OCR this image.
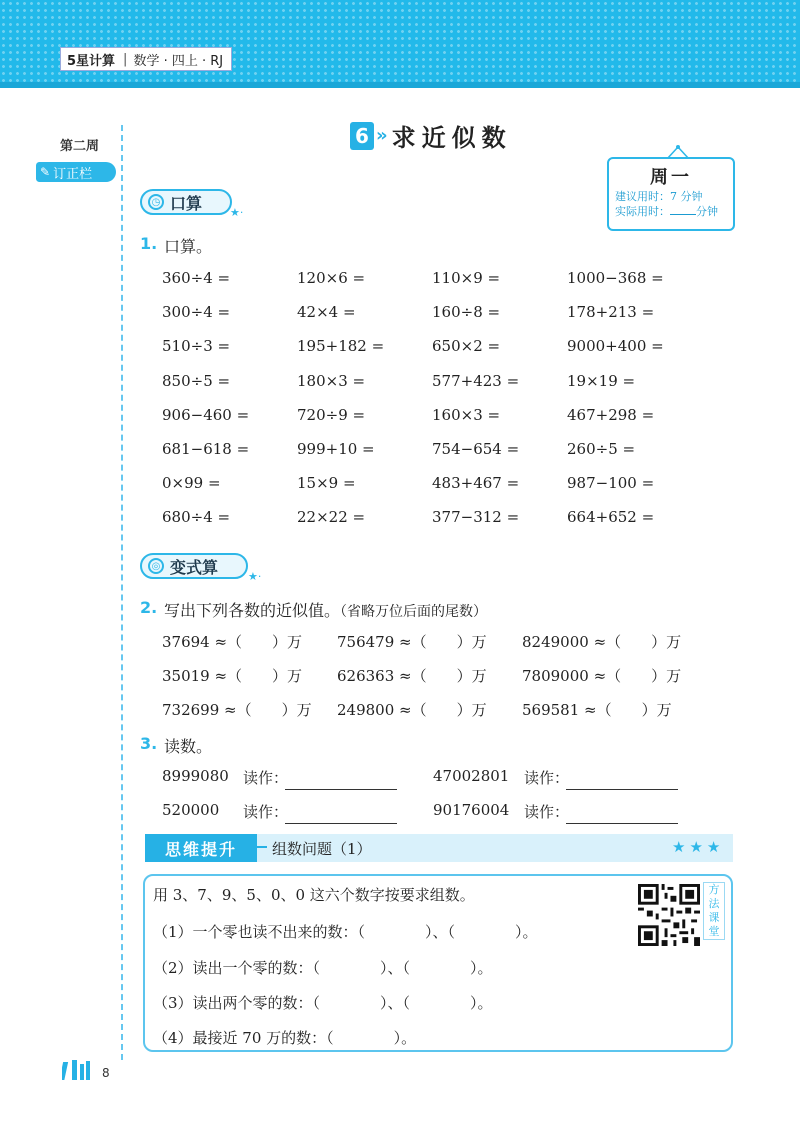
5星计算 | 数学 · 四上 · RJ
第二周
✎ 订正栏
6 » 求近似数
周一
建议用时：7 分钟
实际用时： 分钟
◷ 口算	★·
1. 口算。
360÷4 =	120×6 =	110×9 =	1000−368 =
300÷4 =	42×4 =	160÷8 =	178+213 =
510÷3 =	195+182 =	650×2 =	9000+400 =
850÷5 =	180×3 =	577+423 =	19×19 =
906−460 =	720÷9 =	160×3 =	467+298 =
681−618 =	999+10 =	754−654 =	260÷5 =
0×99 =	15×9 =	483+467 =	987−100 =
680÷4 =	22×22 =	377−312 =	664+652 =
◎ 变式算	★·
2. 写出下列各数的近似值。（省略万位后面的尾数）
37694 ≈（　　）万 756479 ≈（　　）万 8249000 ≈（　　）万
35019 ≈（　　）万 626363 ≈（　　）万 7809000 ≈（　　）万
732699 ≈（　　）万 249800 ≈（　　）万 569581 ≈（　　）万
3. 读数。
8999080 读作：	47002801 读作：
520000 读作：	90176004 读作：
思维提升	组数问题（1）	★★★
用 3、7、9、5、0、0 这六个数字按要求组数。
（1）一个零也读不出来的数：（　　　　）、（　　　　）。
（2）读出一个零的数：（　　　　）、（　　　　）。
（3）读出两个零的数：（　　　　）、（　　　　）。
（4）最接近 70 万的数：（　　　　）。
方法课堂
8
